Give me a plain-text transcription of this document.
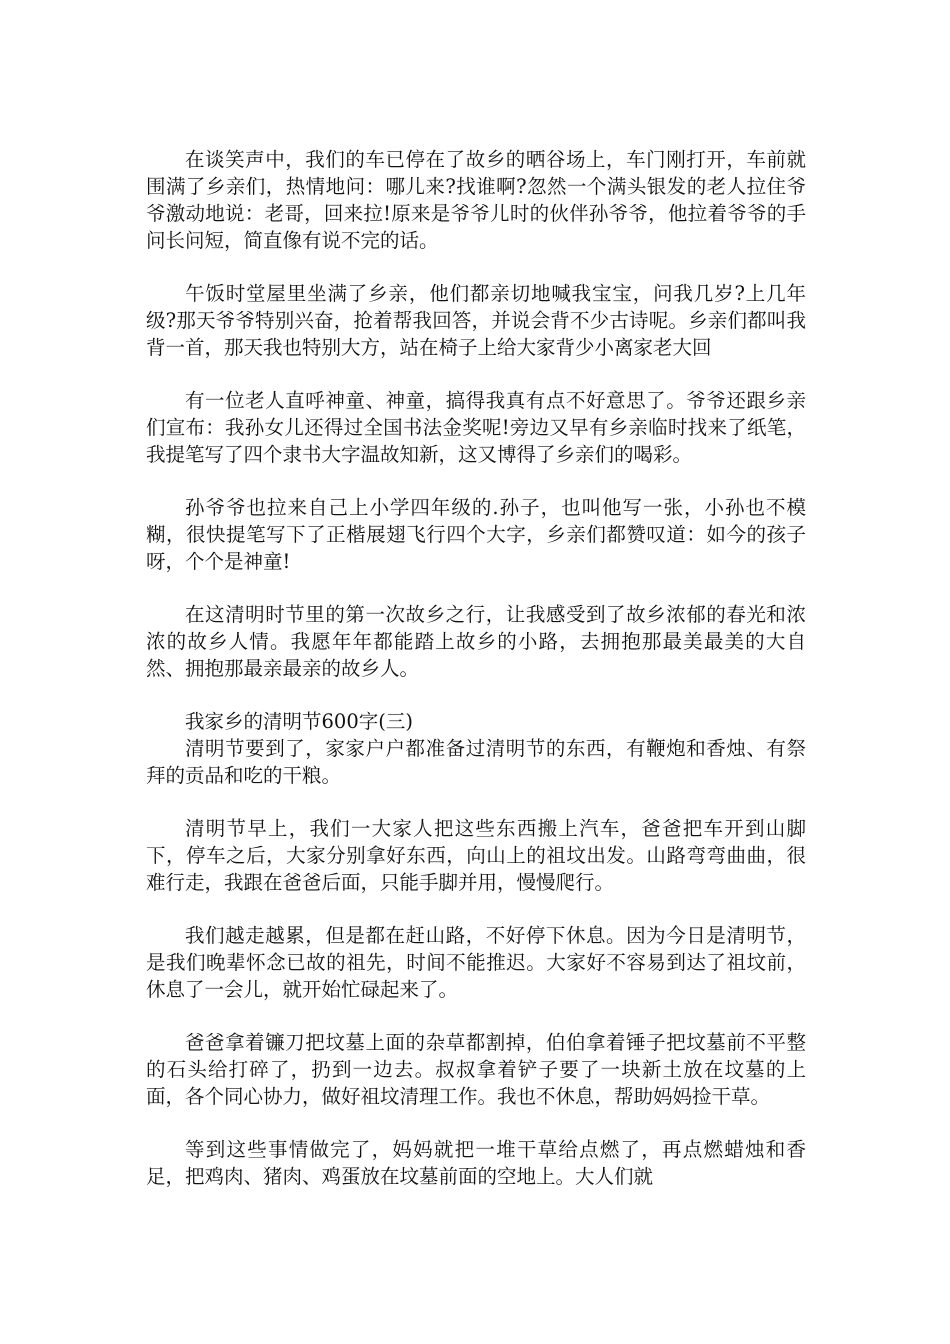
在谈笑声中，我们的车已停在了故乡的晒谷场上，车门刚打开，车前就围满了乡亲们，热情地问：哪儿来?找谁啊?忽然一个满头银发的老人拉住爷爷激动地说：老哥，回来拉!原来是爷爷儿时的伙伴孙爷爷，他拉着爷爷的手问长问短，简直像有说不完的话。

午饭时堂屋里坐满了乡亲，他们都亲切地喊我宝宝，问我几岁?上几年级?那天爷爷特别兴奋，抢着帮我回答，并说会背不少古诗呢。乡亲们都叫我背一首，那天我也特别大方，站在椅子上给大家背少小离家老大回

有一位老人直呼神童、神童，搞得我真有点不好意思了。爷爷还跟乡亲们宣布：我孙女儿还得过全国书法金奖呢!旁边又早有乡亲临时找来了纸笔，我提笔写了四个隶书大字温故知新，这又博得了乡亲们的喝彩。

孙爷爷也拉来自己上小学四年级的.孙子，也叫他写一张，小孙也不模糊，很快提笔写下了正楷展翅飞行四个大字，乡亲们都赞叹道：如今的孩子呀，个个是神童!

在这清明时节里的第一次故乡之行，让我感受到了故乡浓郁的春光和浓浓的故乡人情。我愿年年都能踏上故乡的小路，去拥抱那最美最美的大自然、拥抱那最亲最亲的故乡人。

我家乡的清明节600字(三)

清明节要到了，家家户户都准备过清明节的东西，有鞭炮和香烛、有祭拜的贡品和吃的干粮。

清明节早上，我们一大家人把这些东西搬上汽车，爸爸把车开到山脚下，停车之后，大家分别拿好东西，向山上的祖坟出发。山路弯弯曲曲，很难行走，我跟在爸爸后面，只能手脚并用，慢慢爬行。

我们越走越累，但是都在赶山路，不好停下休息。因为今日是清明节，是我们晚辈怀念已故的祖先，时间不能推迟。大家好不容易到达了祖坟前，休息了一会儿，就开始忙碌起来了。

爸爸拿着镰刀把坟墓上面的杂草都割掉，伯伯拿着锤子把坟墓前不平整的石头给打碎了，扔到一边去。叔叔拿着铲子要了一块新土放在坟墓的上面，各个同心协力，做好祖坟清理工作。我也不休息，帮助妈妈捡干草。

等到这些事情做完了，妈妈就把一堆干草给点燃了，再点燃蜡烛和香足，把鸡肉、猪肉、鸡蛋放在坟墓前面的空地上。大人们就
